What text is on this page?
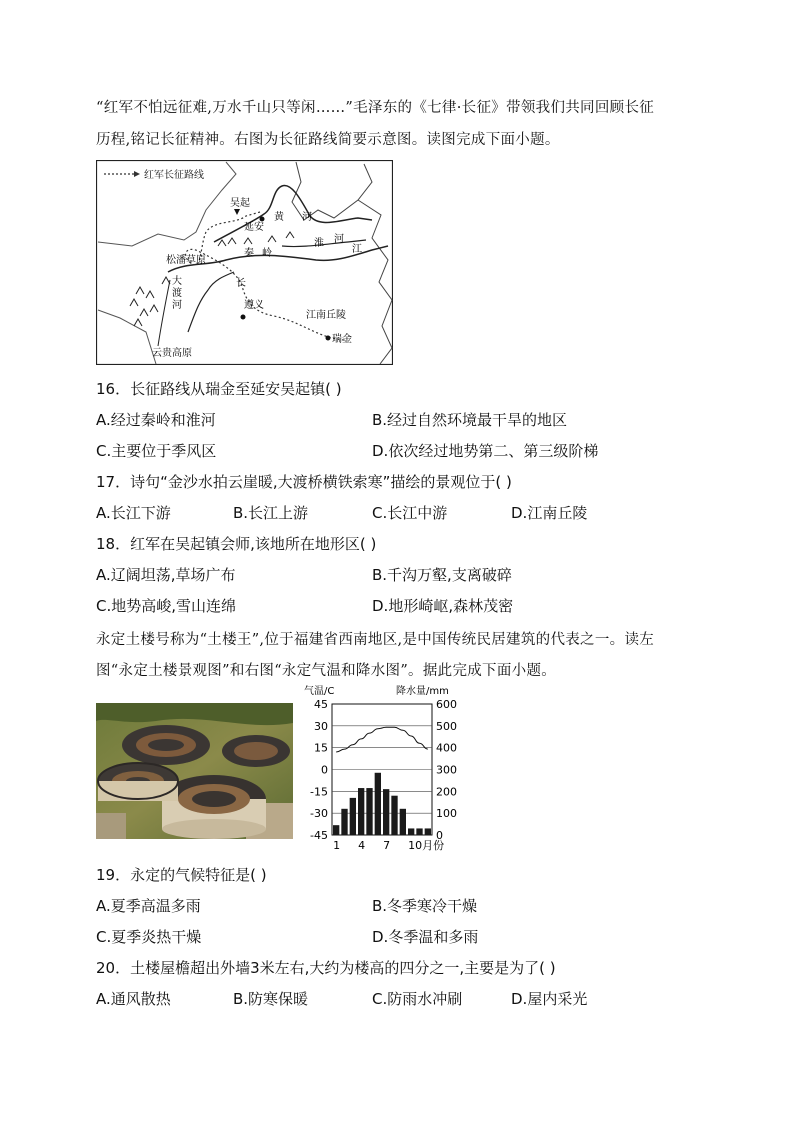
“红军不怕远征难,万水千山只等闲……”毛泽东的《七律·长征》带领我们共同回顾长征
历程,铭记长征精神。右图为长征路线简要示意图。读图完成下面小题。
红军长征路线
吴起
延安
黄 河
秦 岭
淮 河
松潘草原
大
渡
河
长
江
遵义
江南丘陵
瑞金
云贵高原
16．长征路线从瑞金至延安吴起镇( )
A.经过秦岭和淮河	B.经过自然环境最干旱的地区
C.主要位于季风区	D.依次经过地势第二、第三级阶梯
17．诗句“金沙水拍云崖暖,大渡桥横铁索寒”描绘的景观位于( )
A.长江下游	B.长江上游	C.长江中游	D.江南丘陵
18．红军在吴起镇会师,该地所在地形区( )
A.辽阔坦荡,草场广布	B.千沟万壑,支离破碎
C.地势高峻,雪山连绵	D.地形崎岖,森林茂密
永定土楼号称为“土楼王”,位于福建省西南地区,是中国传统民居建筑的代表之一。读左
图“永定土楼景观图”和右图“永定气温和降水图”。据此完成下面小题。
气温/C	降水量/mm
45
30
15
0
-15
-30
-45
600
500
400
300
200
100
0
1 4 7 10月份
19．永定的气候特征是( )
A.夏季高温多雨	B.冬季寒冷干燥
C.夏季炎热干燥	D.冬季温和多雨
20．土楼屋檐超出外墙3米左右,大约为楼高的四分之一,主要是为了( )
A.通风散热	B.防寒保暖	C.防雨水冲刷	D.屋内采光
